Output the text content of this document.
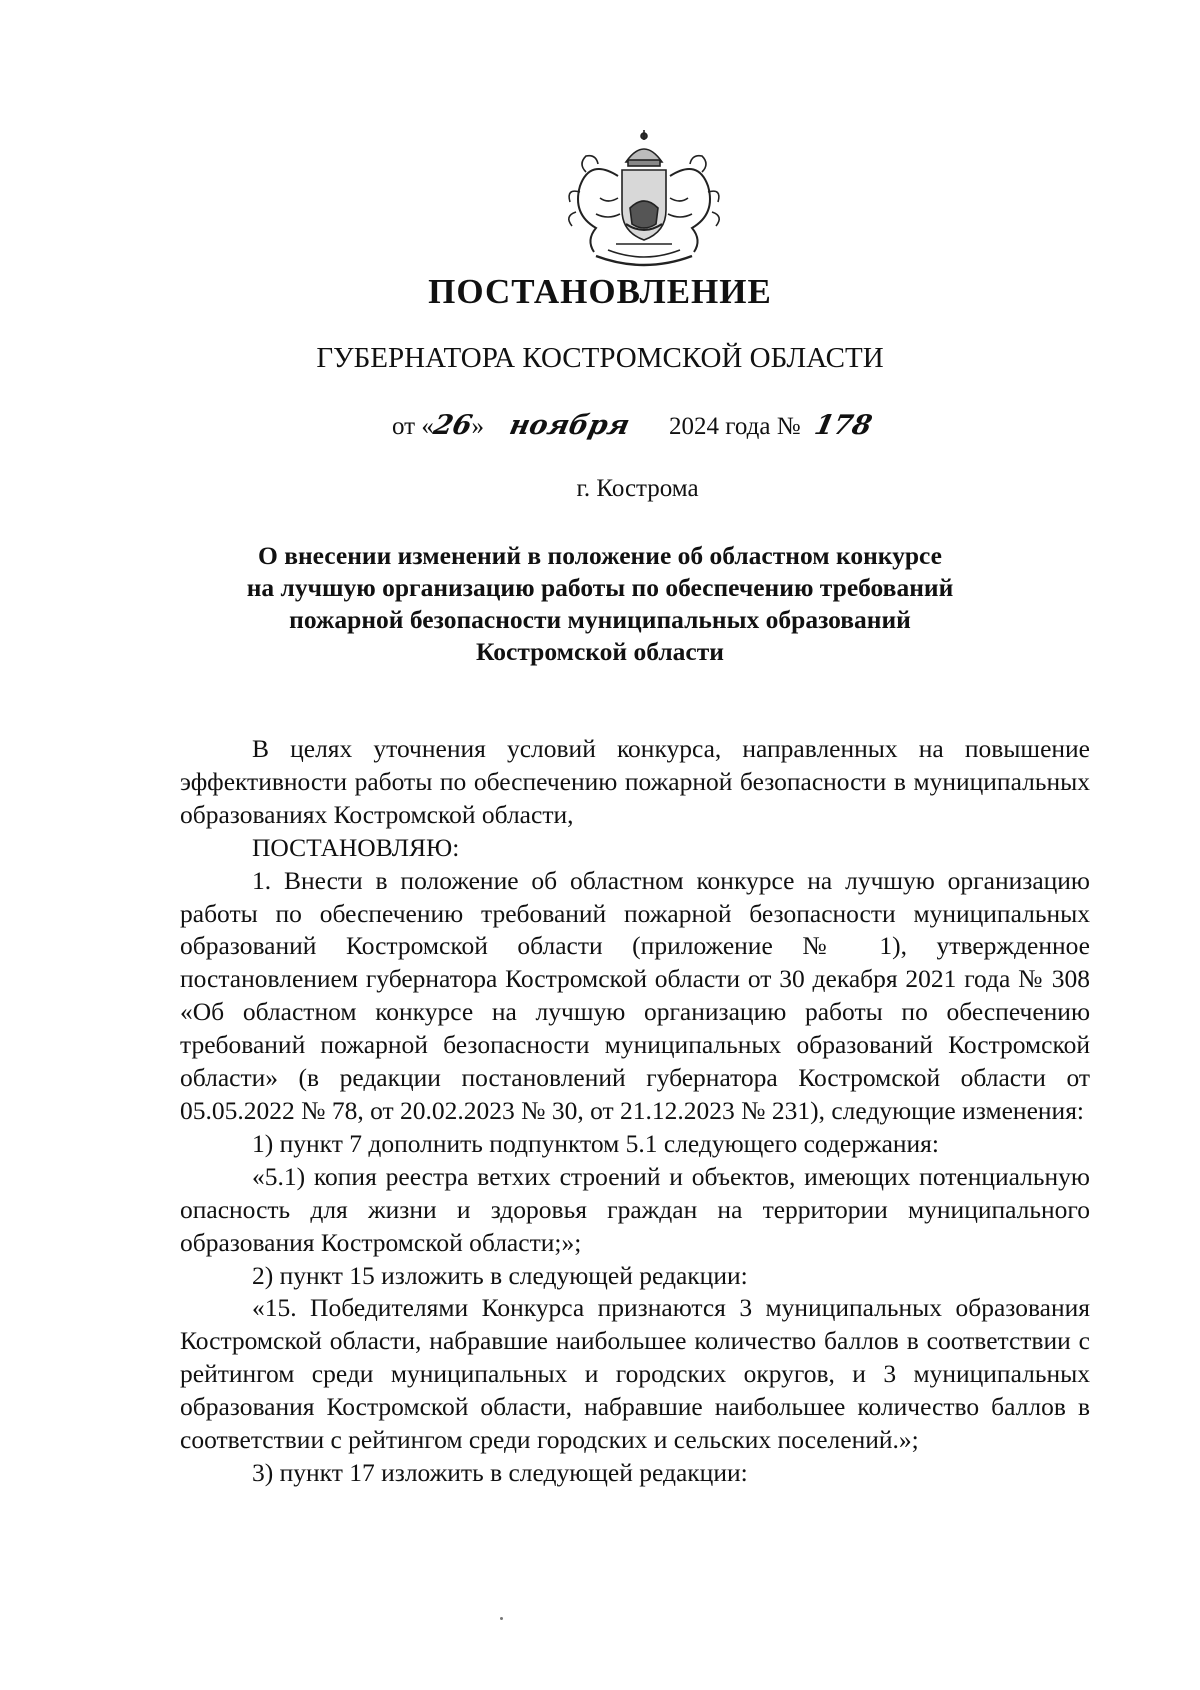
ПОСТАНОВЛЕНИЕ
ГУБЕРНАТОРА КОСТРОМСКОЙ ОБЛАСТИ
от «26» ноября 2024 года № 178
г. Кострома
О внесении изменений в положение об областном конкурсе
на лучшую организацию работы по обеспечению требований
пожарной безопасности муниципальных образований
Костромской области

В целях уточнения условий конкурса, направленных на повышение эффективности работы по обеспечению пожарной безопасности в муниципальных образованиях Костромской области,

ПОСТАНОВЛЯЮ:

1. Внести в положение об областном конкурсе на лучшую организацию работы по обеспечению требований пожарной безопасности муниципальных образований Костромской области (приложение № 1), утвержденное постановлением губернатора Костромской области от 30 декабря 2021 года № 308 «Об областном конкурсе на лучшую организацию работы по обеспечению требований пожарной безопасности муниципальных образований Костромской области» (в редакции постановлений губернатора Костромской области от 05.05.2022 № 78, от 20.02.2023 № 30, от 21.12.2023 № 231), следующие изменения:

1) пункт 7 дополнить подпунктом 5.1 следующего содержания:

«5.1) копия реестра ветхих строений и объектов, имеющих потенциальную опасность для жизни и здоровья граждан на территории муниципального образования Костромской области;»;

2) пункт 15 изложить в следующей редакции:

«15. Победителями Конкурса признаются 3 муниципальных образования Костромской области, набравшие наибольшее количество баллов в соответствии с рейтингом среди муниципальных и городских округов, и 3 муниципальных образования Костромской области, набравшие наибольшее количество баллов в соответствии с рейтингом среди городских и сельских поселений.»;

3) пункт 17 изложить в следующей редакции:
